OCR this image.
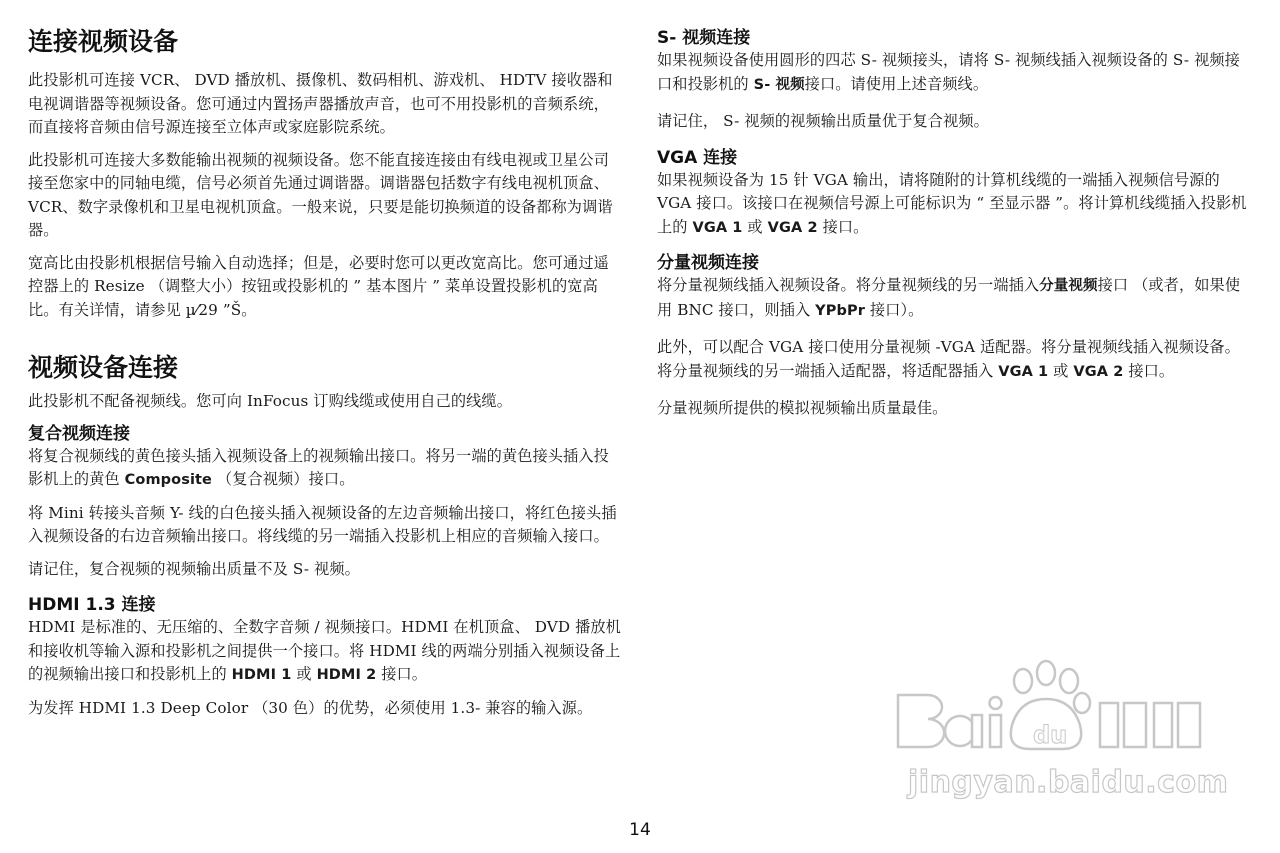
连接视频设备

此投影机可连接 VCR、 DVD 播放机、摄像机、数码相机、游戏机、 HDTV 接收器和电视调谐器等视频设备。您可通过内置扬声器播放声音，也可不用投影机的音频系统，而直接将音频由信号源连接至立体声或家庭影院系统。

此投影机可连接大多数能输出视频的视频设备。您不能直接连接由有线电视或卫星公司接至您家中的同轴电缆，信号必须首先通过调谐器。调谐器包括数字有线电视机顶盒、 VCR、数字录像机和卫星电视机顶盒。一般来说，只要是能切换频道的设备都称为调谐器。

宽高比由投影机根据信号输入自动选择；但是，必要时您可以更改宽高比。您可通过遥控器上的 Resize （调整大小）按钮或投影机的 ” 基本图片 ” 菜单设置投影机的宽高比。有关详情，请参见 µ⁄29 ”Š。

视频设备连接

此投影机不配备视频线。您可向 InFocus 订购线缆或使用自己的线缆。

复合视频连接

将复合视频线的黄色接头插入视频设备上的视频输出接口。将另一端的黄色接头插入投影机上的黄色 Composite （复合视频）接口。

将 Mini 转接头音频 Y- 线的白色接头插入视频设备的左边音频输出接口，将红色接头插入视频设备的右边音频输出接口。将线缆的另一端插入投影机上相应的音频输入接口。

请记住，复合视频的视频输出质量不及 S- 视频。

HDMI 1.3 连接

HDMI 是标准的、无压缩的、全数字音频 / 视频接口。HDMI 在机顶盒、 DVD 播放机和接收机等输入源和投影机之间提供一个接口。将 HDMI 线的两端分别插入视频设备上的视频输出接口和投影机上的 HDMI 1 或 HDMI 2 接口。

为发挥 HDMI 1.3 Deep Color （30 色）的优势，必须使用 1.3- 兼容的输入源。

S- 视频连接

如果视频设备使用圆形的四芯 S- 视频接头，请将 S- 视频线插入视频设备的 S- 视频接口和投影机的 S- 视频接口。请使用上述音频线。

请记住， S- 视频的视频输出质量优于复合视频。

VGA 连接

如果视频设备为 15 针 VGA 输出，请将随附的计算机线缆的一端插入视频信号源的 VGA 接口。该接口在视频信号源上可能标识为 “ 至显示器 ”。将计算机线缆插入投影机上的 VGA 1 或 VGA 2 接口。

分量视频连接

将分量视频线插入视频设备。将分量视频线的另一端插入分量视频接口 （或者，如果使用 BNC 接口，则插入 YPbPr 接口）。

此外，可以配合 VGA 接口使用分量视频 -VGA 适配器。将分量视频线插入视频设备。将分量视频线的另一端插入适配器，将适配器插入 VGA 1 或 VGA 2 接口。

分量视频所提供的模拟视频输出质量最佳。

14
du
jingyan.baidu.com
